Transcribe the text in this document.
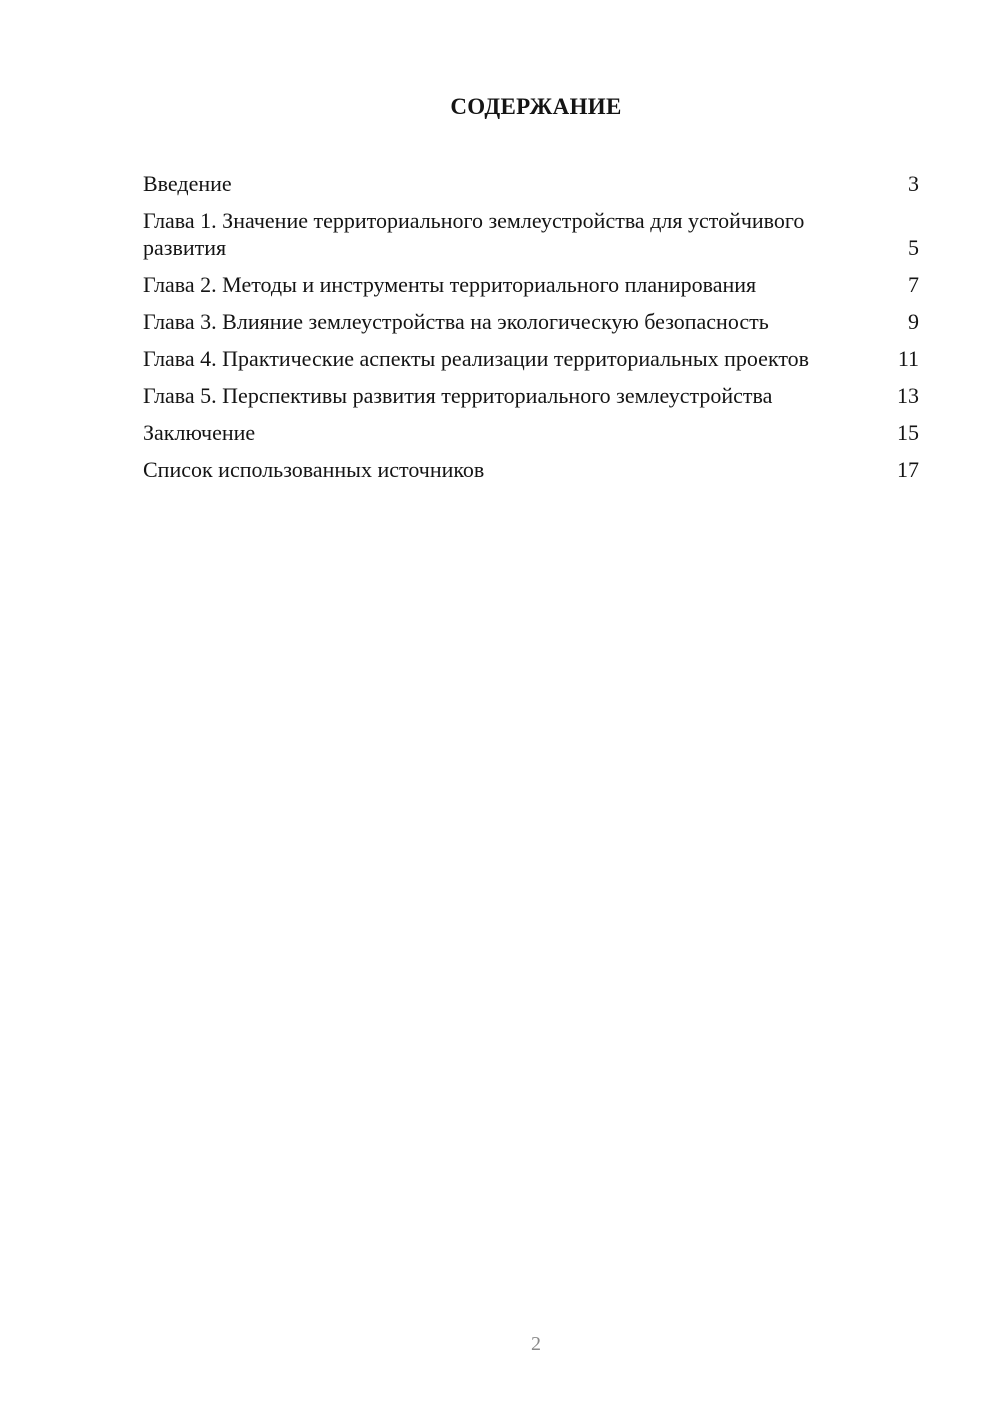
СОДЕРЖАНИЕ
Введение	3
Глава 1. Значение территориального землеустройства для устойчивого развития	5
Глава 2. Методы и инструменты территориального планирования	7
Глава 3. Влияние землеустройства на экологическую безопасность	9
Глава 4. Практические аспекты реализации территориальных проектов	11
Глава 5. Перспективы развития территориального землеустройства	13
Заключение	15
Список использованных источников	17
2
